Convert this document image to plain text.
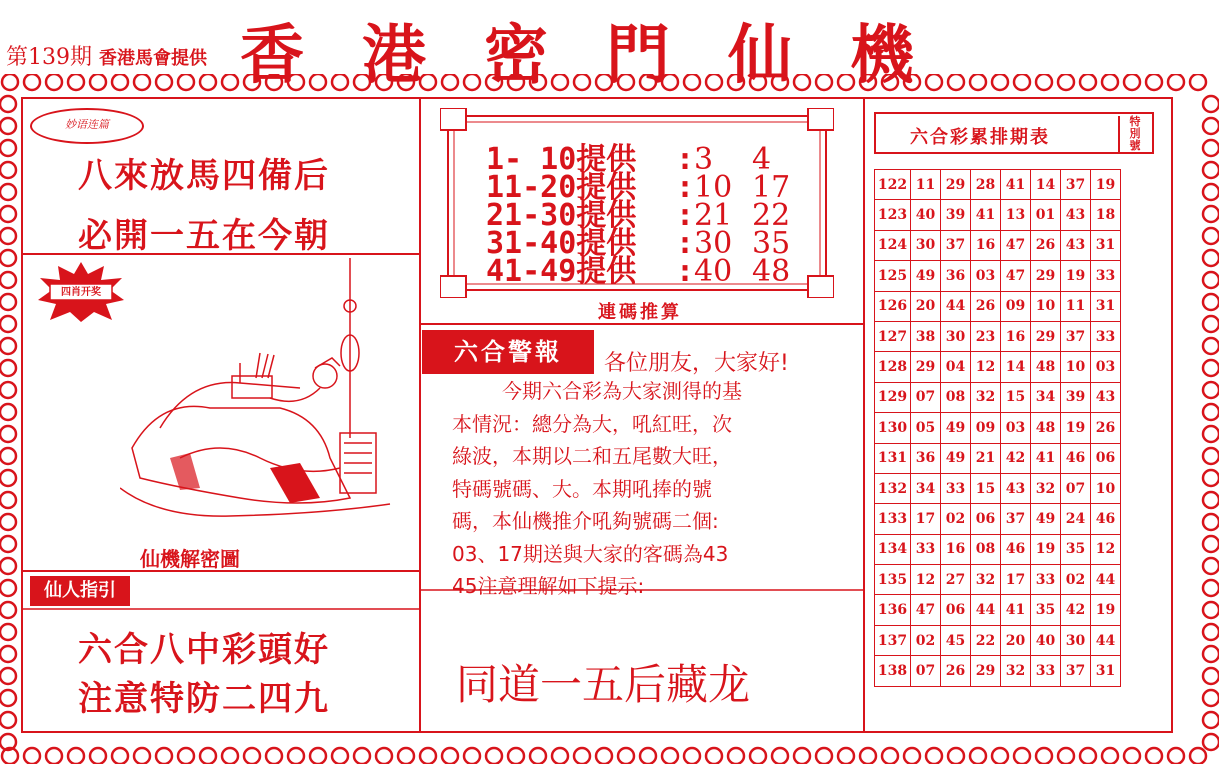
第139期 香港馬會提供 香港密門仙機
妙语连篇
八來放馬四備后
必開一五在今朝
四肖开奖
仙機解密圖
仙人指引
六合八中彩頭好
注意特防二四九
1- 10提供 :3 4
11-20提供 :10 17
21-30提供 :21 22
31-40提供 :30 35
41-49提供 :40 48
連碼推算
六合警報	各位朋友，大家好!
今期六合彩為大家測得的基
本情況：總分為大，吼紅旺，次
綠波，本期以二和五尾數大旺，
特碼號碼、大。本期吼捧的號
碼，本仙機推介吼夠號碼二個:
03、17期送與大家的客碼為43
45注意理解如下提示:
同道一五后藏龙
六合彩累排期表
特別號
122	11	29	28	41	14	37	19
123	40	39	41	13	01	43	18
124	30	37	16	47	26	43	31
125	49	36	03	47	29	19	33
126	20	44	26	09	10	11	31
127	38	30	23	16	29	37	33
128	29	04	12	14	48	10	03
129	07	08	32	15	34	39	43
130	05	49	09	03	48	19	26
131	36	49	21	42	41	46	06
132	34	33	15	43	32	07	10
133	17	02	06	37	49	24	46
134	33	16	08	46	19	35	12
135	12	27	32	17	33	02	44
136	47	06	44	41	35	42	19
137	02	45	22	20	40	30	44
138	07	26	29	32	33	37	31
